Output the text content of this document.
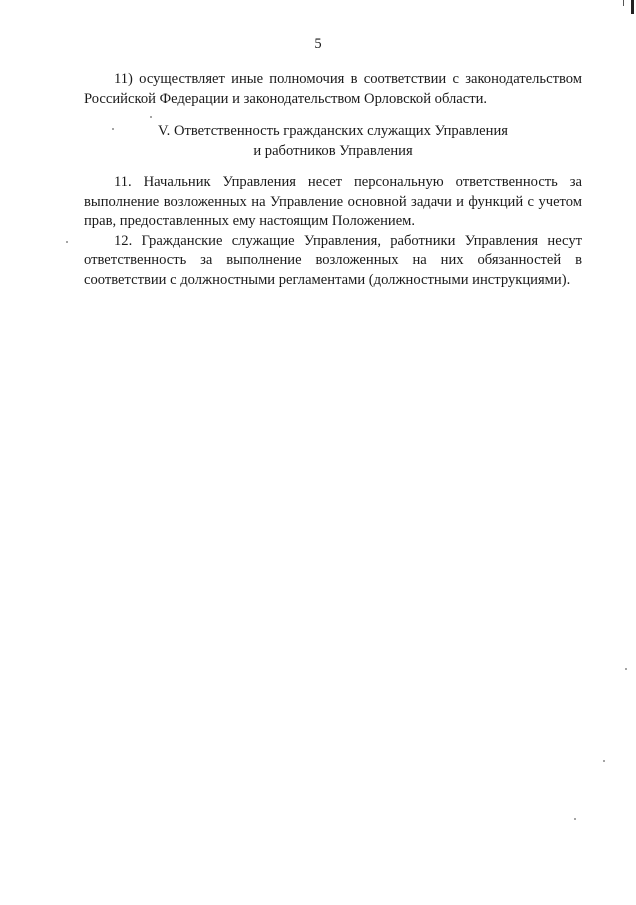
5

11) осуществляет иные полномочия в соответствии с законодательством Российской Федерации и законодательством Орловской области.

V. Ответственность гражданских служащих Управления
и работников Управления

11. Начальник Управления несет персональную ответственность за выполнение возложенных на Управление основной задачи и функций с учетом прав, предоставленных ему настоящим Положением.

12. Гражданские служащие Управления, работники Управления несут ответственность за выполнение возложенных на них обязанностей в соответствии с должностными регламентами (должностными инструкциями).
